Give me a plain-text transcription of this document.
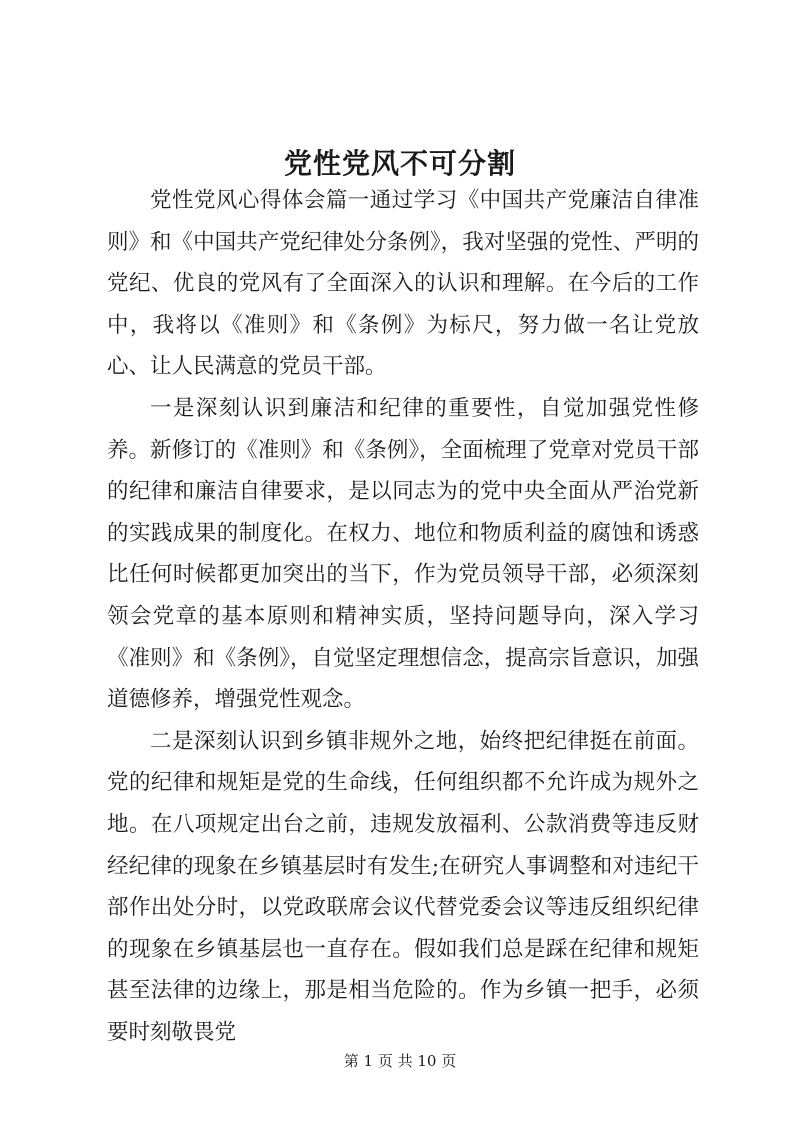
党性党风不可分割

党性党风心得体会篇一通过学习《中国共产党廉洁自律准则》和《中国共产党纪律处分条例》，我对坚强的党性、严明的党纪、优良的党风有了全面深入的认识和理解。在今后的工作中，我将以《准则》和《条例》为标尺，努力做一名让党放心、让人民满意的党员干部。

一是深刻认识到廉洁和纪律的重要性，自觉加强党性修养。新修订的《准则》和《条例》，全面梳理了党章对党员干部的纪律和廉洁自律要求，是以同志为的党中央全面从严治党新的实践成果的制度化。在权力、地位和物质利益的腐蚀和诱惑比任何时候都更加突出的当下，作为党员领导干部，必须深刻领会党章的基本原则和精神实质，坚持问题导向，深入学习《准则》和《条例》，自觉坚定理想信念，提高宗旨意识，加强道德修养，增强党性观念。

二是深刻认识到乡镇非规外之地，始终把纪律挺在前面。党的纪律和规矩是党的生命线，任何组织都不允许成为规外之地。在八项规定出台之前，违规发放福利、公款消费等违反财经纪律的现象在乡镇基层时有发生;在研究人事调整和对违纪干部作出处分时，以党政联席会议代替党委会议等违反组织纪律的现象在乡镇基层也一直存在。假如我们总是踩在纪律和规矩甚至法律的边缘上，那是相当危险的。作为乡镇一把手，必须要时刻敬畏党

第 1 页 共 10 页
